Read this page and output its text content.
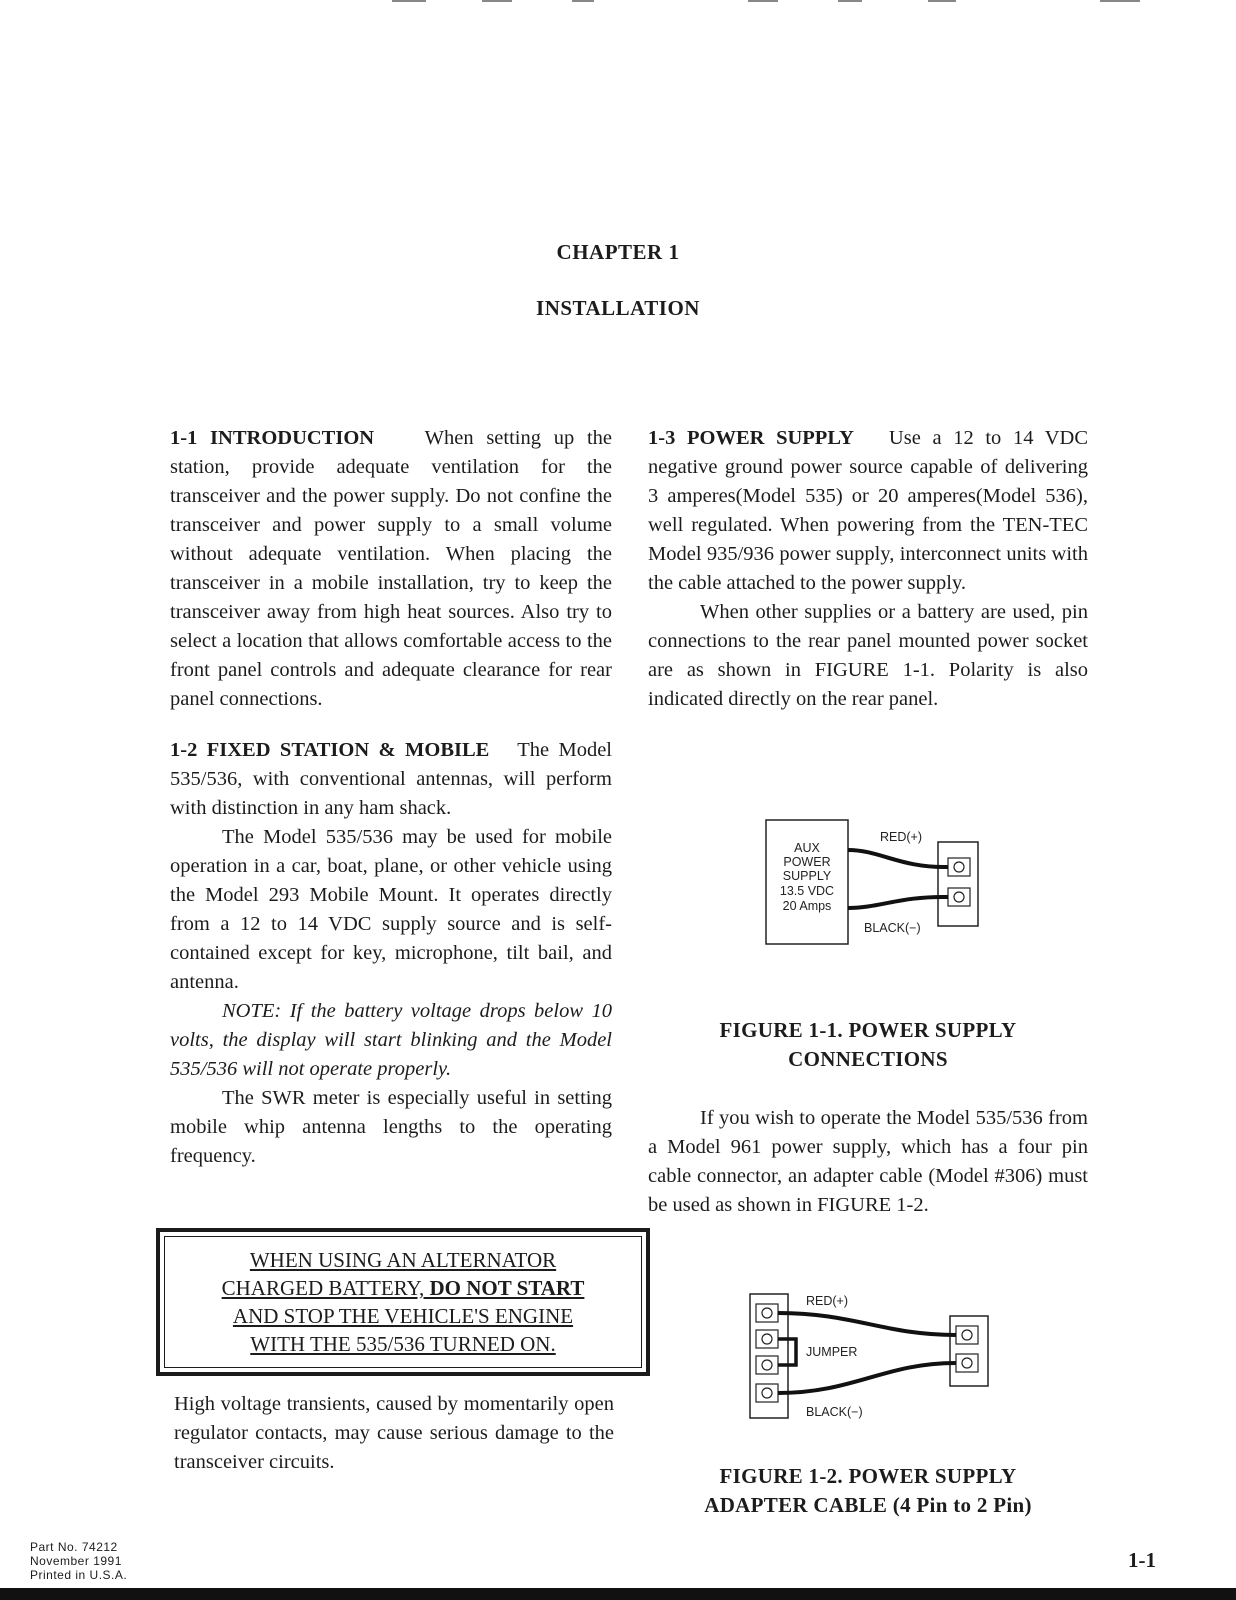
CHAPTER 1
INSTALLATION

1-1 INTRODUCTION When setting up the station, provide adequate ventilation for the transceiver and the power supply. Do not confine the transceiver and power supply to a small volume without adequate ventilation. When placing the transceiver in a mobile installation, try to keep the transceiver away from high heat sources. Also try to select a location that allows comfortable access to the front panel controls and adequate clearance for rear panel connections.

1-2 FIXED STATION & MOBILE The Model 535/536, with conventional antennas, will perform with distinction in any ham shack.

The Model 535/536 may be used for mobile operation in a car, boat, plane, or other vehicle using the Model 293 Mobile Mount. It operates directly from a 12 to 14 VDC supply source and is self-contained except for key, microphone, tilt bail, and antenna.

NOTE: If the battery voltage drops below 10 volts, the display will start blinking and the Model 535/536 will not operate properly.

The SWR meter is especially useful in setting mobile whip antenna lengths to the operating frequency.

WHEN USING AN ALTERNATOR
CHARGED BATTERY, DO NOT START
AND STOP THE VEHICLE'S ENGINE
WITH THE 535/536 TURNED ON.
High voltage transients, caused by momentarily open regulator contacts, may cause serious damage to the transceiver circuits.

1-3 POWER SUPPLY Use a 12 to 14 VDC negative ground power source capable of delivering 3 amperes(Model 535) or 20 amperes(Model 536), well regulated. When powering from the TEN-TEC Model 935/936 power supply, interconnect units with the cable attached to the power supply.

When other supplies or a battery are used, pin connections to the rear panel mounted power socket are as shown in FIGURE 1-1. Polarity is also indicated directly on the rear panel.

AUX
POWER
SUPPLY
13.5 VDC
20 Amps
RED(+)
BLACK(−)
FIGURE 1-1. POWER SUPPLY
CONNECTIONS
If you wish to operate the Model 535/536 from a Model 961 power supply, which has a four pin cable connector, an adapter cable (Model #306) must be used as shown in FIGURE 1-2.
RED(+)
JUMPER
BLACK(−)
FIGURE 1-2. POWER SUPPLY
ADAPTER CABLE (4 Pin to 2 Pin)
Part No. 74212
November 1991
Printed in U.S.A.
1-1
